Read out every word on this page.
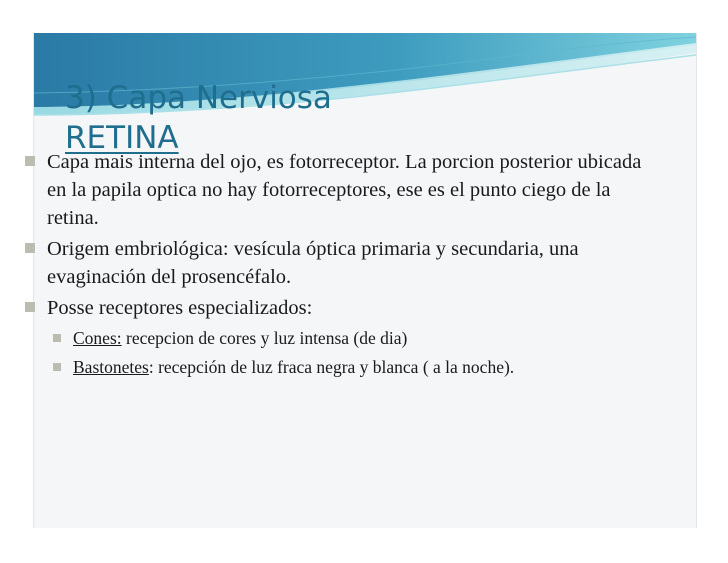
3) Capa Nerviosa
RETINA
Capa mais interna del ojo, es fotorreceptor. La porcion posterior ubicada en la papila optica no hay fotorreceptores, ese es el punto ciego de la retina.
Origem embriológica: vesícula óptica primaria y secundaria, una evaginación del prosencéfalo.
Posse receptores especializados:
Cones: recepcion de cores y luz intensa (de dia)
Bastonetes: recepción de luz fraca negra y blanca ( a la noche).
